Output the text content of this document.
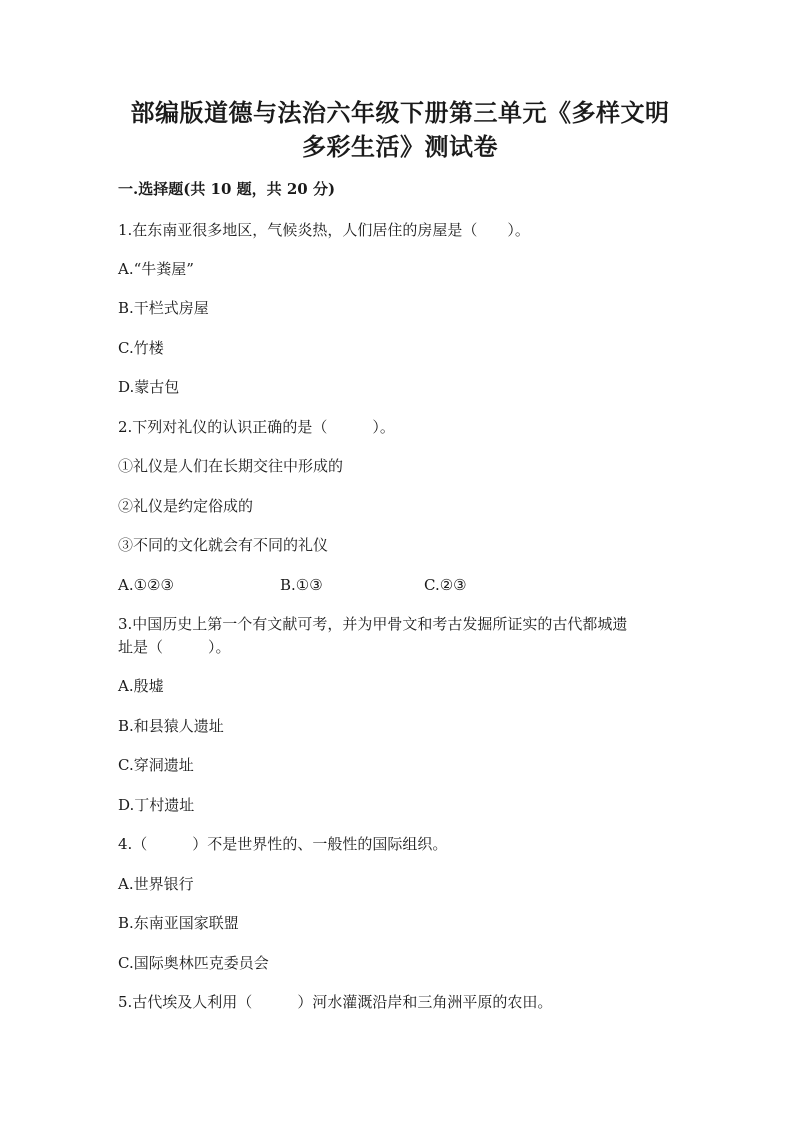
部编版道德与法治六年级下册第三单元《多样文明
多彩生活》测试卷
一.选择题(共 10 题，共 20 分)
1.在东南亚很多地区，气候炎热，人们居住的房屋是（　　）。
A.“牛粪屋”
B.干栏式房屋
C.竹楼
D.蒙古包
2.下列对礼仪的认识正确的是（　　　）。
①礼仪是人们在长期交往中形成的
②礼仪是约定俗成的
③不同的文化就会有不同的礼仪
A.①②③	B.①③	C.②③
3.中国历史上第一个有文献可考，并为甲骨文和考古发掘所证实的古代都城遗
址是（　　　）。
A.殷墟
B.和县猿人遗址
C.穿洞遗址
D.丁村遗址
4.（　　　）不是世界性的、一般性的国际组织。
A.世界银行
B.东南亚国家联盟
C.国际奥林匹克委员会
5.古代埃及人利用（　　　）河水灌溉沿岸和三角洲平原的农田。
